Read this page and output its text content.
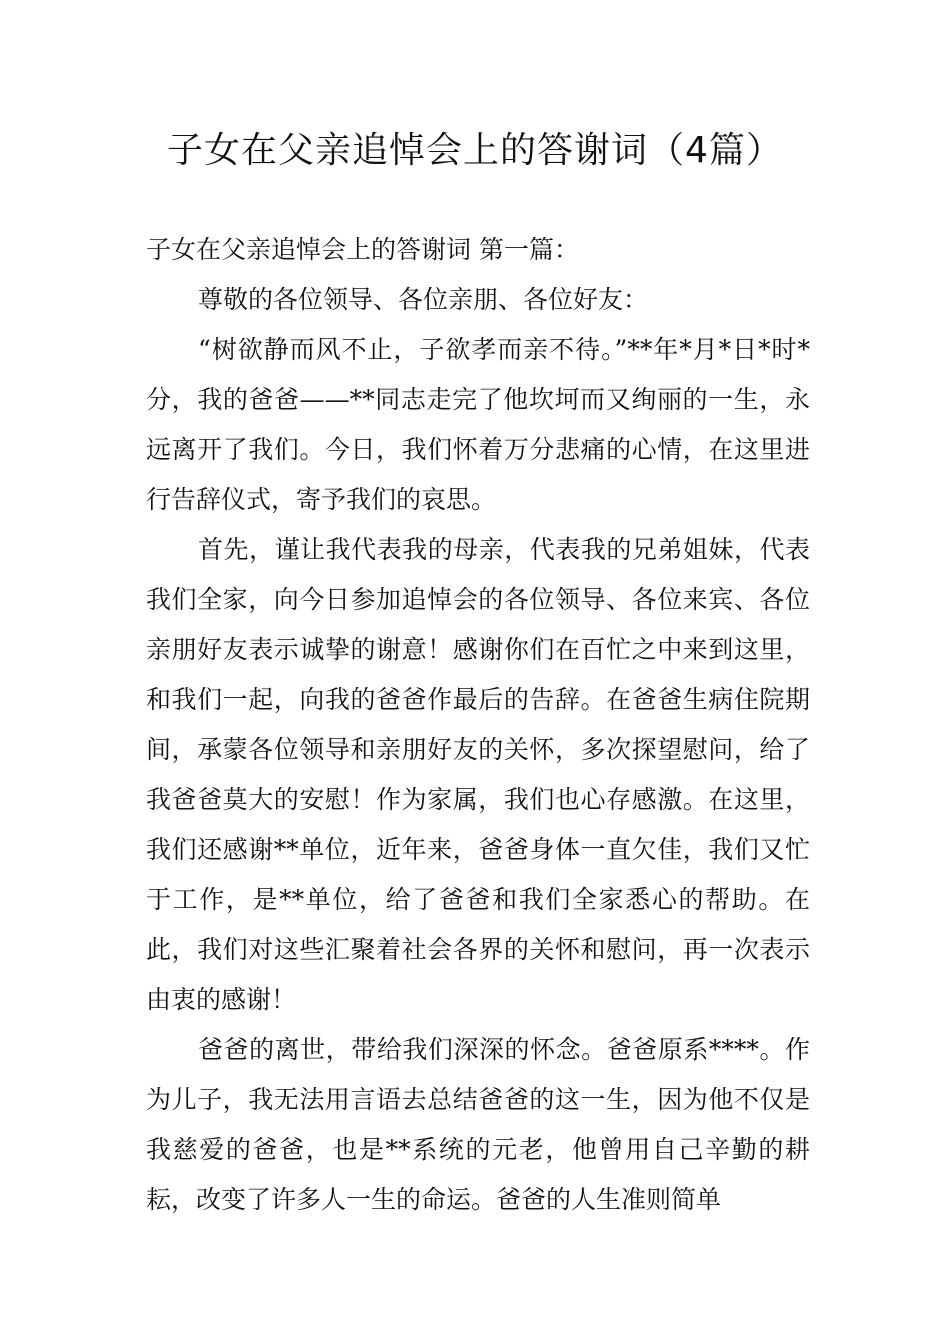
子女在父亲追悼会上的答谢词（4篇）

子女在父亲追悼会上的答谢词 第一篇：

尊敬的各位领导、各位亲朋、各位好友：

“树欲静而风不止，子欲孝而亲不待。”**年*月*日*时*分，我的爸爸——**同志走完了他坎坷而又绚丽的一生，永远离开了我们。今日，我们怀着万分悲痛的心情，在这里进行告辞仪式，寄予我们的哀思。

首先，谨让我代表我的母亲，代表我的兄弟姐妹，代表我们全家，向今日参加追悼会的各位领导、各位来宾、各位亲朋好友表示诚挚的谢意！感谢你们在百忙之中来到这里，和我们一起，向我的爸爸作最后的告辞。在爸爸生病住院期间，承蒙各位领导和亲朋好友的关怀，多次探望慰问，给了我爸爸莫大的安慰！作为家属，我们也心存感激。在这里，我们还感谢**单位，近年来，爸爸身体一直欠佳，我们又忙于工作，是**单位，给了爸爸和我们全家悉心的帮助。在此，我们对这些汇聚着社会各界的关怀和慰问，再一次表示由衷的感谢！

爸爸的离世，带给我们深深的怀念。爸爸原系****。作为儿子，我无法用言语去总结爸爸的这一生，因为他不仅是我慈爱的爸爸，也是**系统的元老，他曾用自己辛勤的耕耘，改变了许多人一生的命运。爸爸的人生准则简单
